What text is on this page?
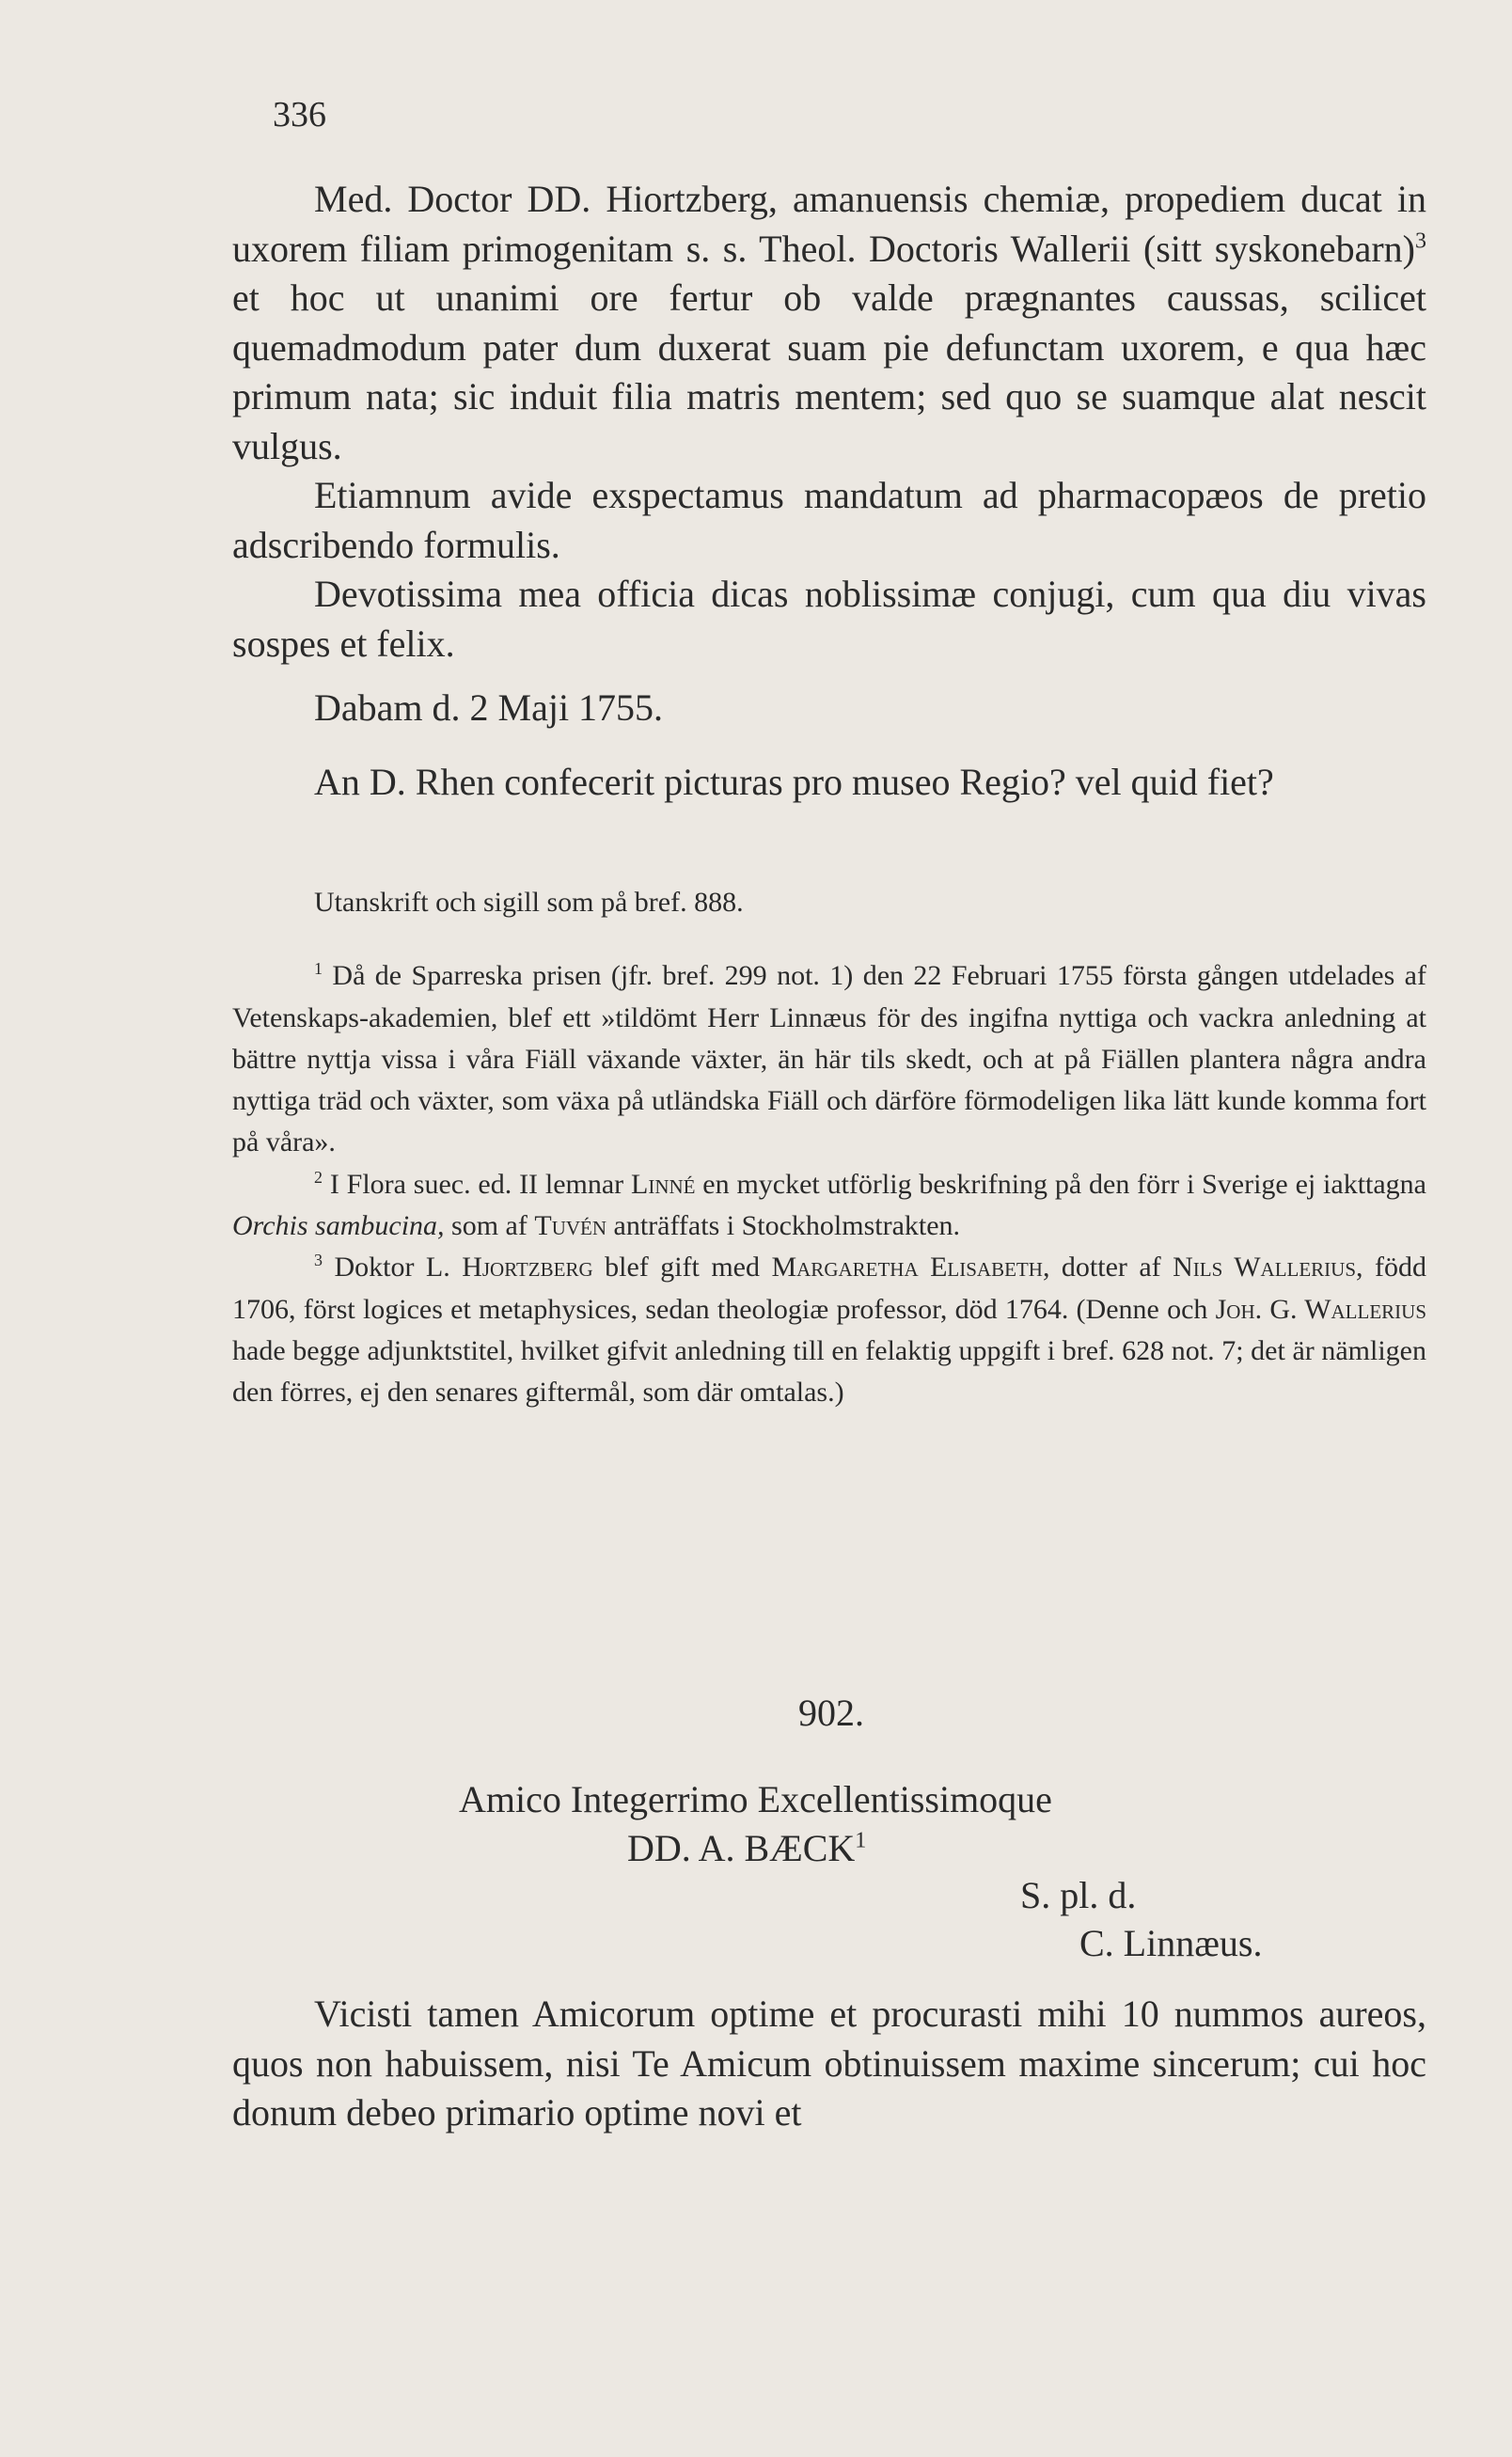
336

Med. Doctor DD. Hiortzberg, amanuensis chemiæ, propediem ducat in uxorem filiam primogenitam s. s. Theol. Doctoris Wallerii (sitt syskonebarn)$^3$ et hoc ut unanimi ore fertur ob valde prægnantes caussas, scilicet quemadmodum pater dum duxerat suam pie defunctam uxorem, e qua hæc primum nata; sic induit filia matris mentem; sed quo se suamque alat nescit vulgus.

Etiamnum avide exspectamus mandatum ad pharmacopæos de pretio adscribendo formulis.

Devotissima mea officia dicas noblissimæ conjugi, cum qua diu vivas sospes et felix.

Dabam d. 2 Maji 1755.

An D. Rhen confecerit picturas pro museo Regio? vel quid fiet?

Utanskrift och sigill som på bref. 888.

$^1$ Då de Sparreska prisen (jfr. bref. 299 not. 1) den 22 Februari 1755 första gången utdelades af Vetenskaps-akademien, blef ett »tildömt Herr Linnæus för des ingifna nyttiga och vackra anledning at bättre nyttja vissa i våra Fiäll växande växter, än här tils skedt, och at på Fiällen plantera några andra nyttiga träd och växter, som växa på utländska Fiäll och därföre förmodeligen lika lätt kunde komma fort på våra».

$^2$ I Flora suec. ed. II lemnar Linné en mycket utförlig beskrifning på den förr i Sverige ej iakttagna Orchis sambucina, som af Tuvén anträffats i Stockholmstrakten.

$^3$ Doktor L. Hjortzberg blef gift med Margaretha Elisabeth, dotter af Nils Wallerius, född 1706, först logices et metaphysices, sedan theologiæ professor, död 1764. (Denne och Joh. G. Wallerius hade begge adjunktstitel, hvilket gifvit anledning till en felaktig uppgift i bref. 628 not. 7; det är nämligen den förres, ej den senares giftermål, som där omtalas.)

902.
Amico Integerrimo Excellentissimoque
DD. A. BÆCK$^1$
S. pl. d.
C. Linnæus.

Vicisti tamen Amicorum optime et procurasti mihi 10 nummos aureos, quos non habuissem, nisi Te Amicum obtinuissem maxime sincerum; cui hoc donum debeo primario optime novi et
